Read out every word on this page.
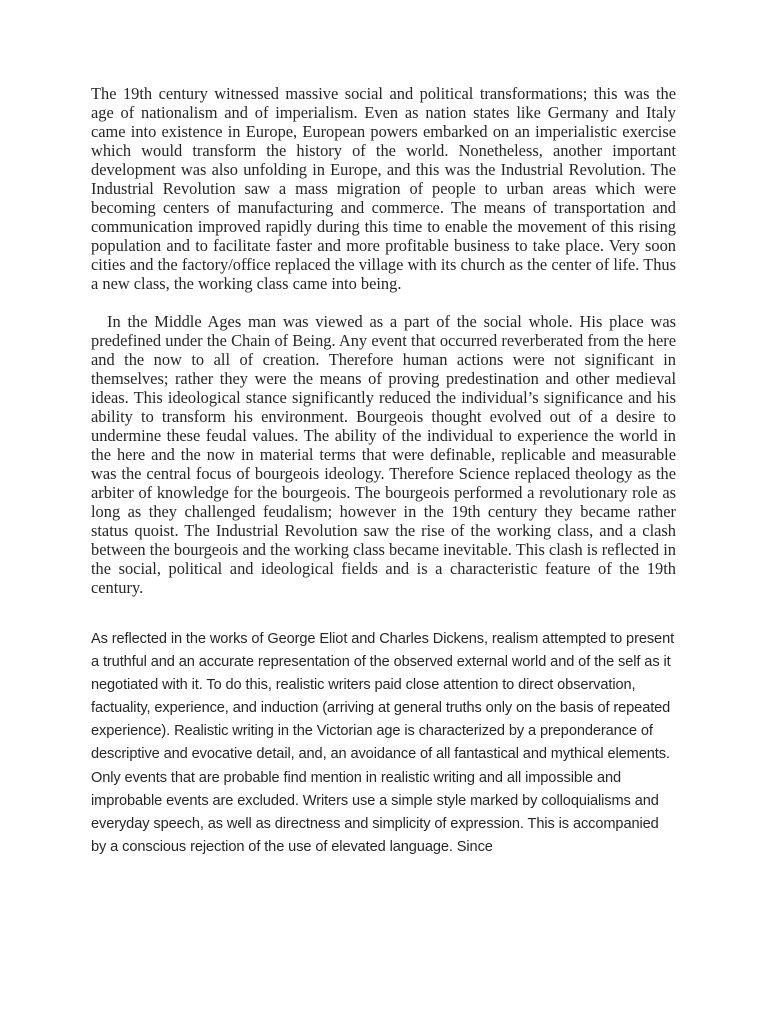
The 19th century witnessed massive social and political transformations; this was the age of nationalism and of imperialism. Even as nation states like Germany and Italy came into existence in Europe, European powers embarked on an imperialistic exercise which would transform the history of the world. Nonetheless, another important development was also unfolding in Europe, and this was the Industrial Revolution. The Industrial Revolution saw a mass migration of people to urban areas which were becoming centers of manufacturing and commerce. The means of transportation and communication improved rapidly during this time to enable the movement of this rising population and to facilitate faster and more profitable business to take place. Very soon cities and the factory/office replaced the village with its church as the center of life. Thus a new class, the working class came into being.

In the Middle Ages man was viewed as a part of the social whole. His place was predefined under the Chain of Being. Any event that occurred reverberated from the here and the now to all of creation. Therefore human actions were not significant in themselves; rather they were the means of proving predestination and other medieval ideas. This ideological stance significantly reduced the individual’s significance and his ability to transform his environment. Bourgeois thought evolved out of a desire to undermine these feudal values. The ability of the individual to experience the world in the here and the now in material terms that were definable, replicable and measurable was the central focus of bourgeois ideology. Therefore Science replaced theology as the arbiter of knowledge for the bourgeois. The bourgeois performed a revolutionary role as long as they challenged feudalism; however in the 19th century they became rather status quoist. The Industrial Revolution saw the rise of the working class, and a clash between the bourgeois and the working class became inevitable. This clash is reflected in the social, political and ideological fields and is a characteristic feature of the 19th century.

As reflected in the works of George Eliot and Charles Dickens, realism attempted to present a truthful and an accurate representation of the observed external world and of the self as it negotiated with it. To do this, realistic writers paid close attention to direct observation, factuality, experience, and induction (arriving at general truths only on the basis of repeated experience). Realistic writing in the Victorian age is characterized by a preponderance of descriptive and evocative detail, and, an avoidance of all fantastical and mythical elements. Only events that are probable find mention in realistic writing and all impossible and improbable events are excluded. Writers use a simple style marked by colloquialisms and everyday speech, as well as directness and simplicity of expression. This is accompanied by a conscious rejection of the use of elevated language. Since
